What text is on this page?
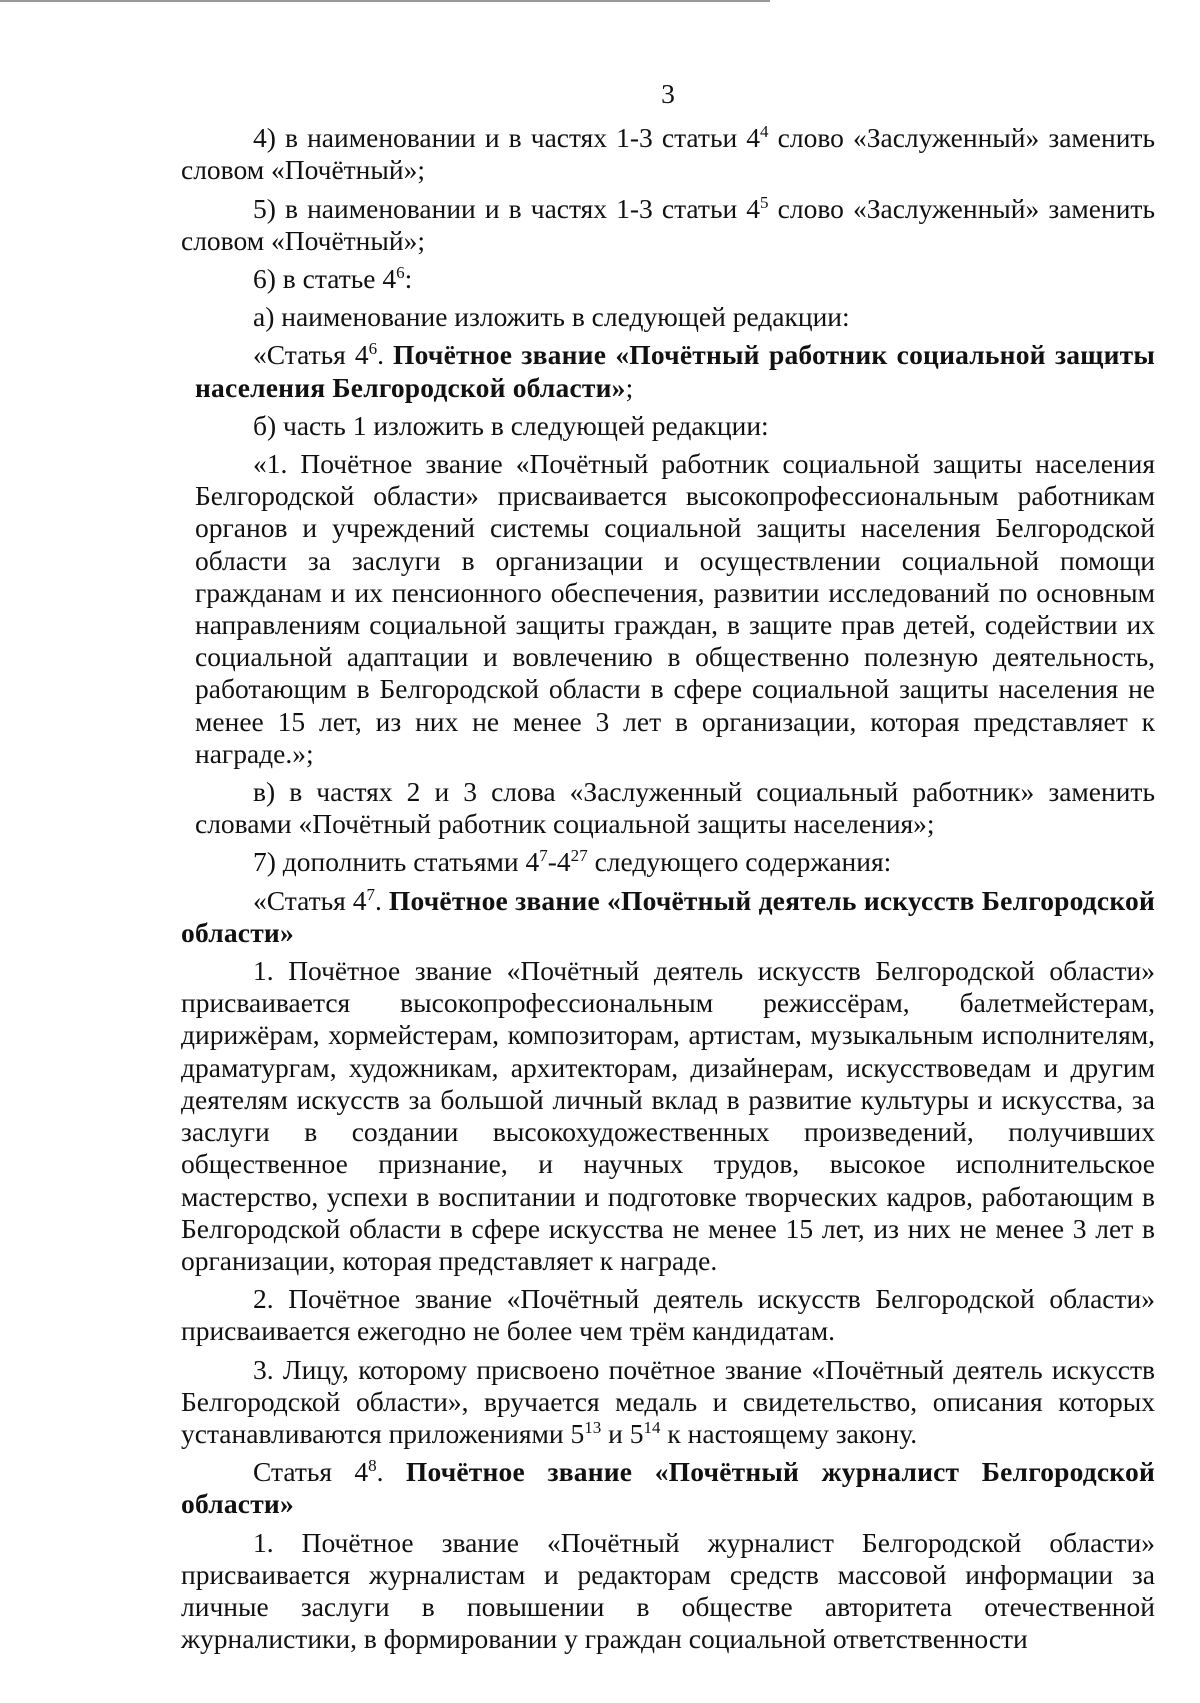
3

4) в наименовании и в частях 1-3 статьи $4^4$ слово «Заслуженный» заменить словом «Почётный»;

5) в наименовании и в частях 1-3 статьи $4^5$ слово «Заслуженный» заменить словом «Почётный»;

6) в статье $4^6$:

а) наименование изложить в следующей редакции:

«Статья $4^6$. Почётное звание «Почётный работник социальной защиты населения Белгородской области»;

б) часть 1 изложить в следующей редакции:

«1. Почётное звание «Почётный работник социальной защиты населения Белгородской области» присваивается высокопрофессиональным работникам органов и учреждений системы социальной защиты населения Белгородской области за заслуги в организации и осуществлении социальной помощи гражданам и их пенсионного обеспечения, развитии исследований по основным направлениям социальной защиты граждан, в защите прав детей, содействии их социальной адаптации и вовлечению в общественно полезную деятельность, работающим в Белгородской области в сфере социальной защиты населения не менее 15 лет, из них не менее 3 лет в организации, которая представляет к награде.»;

в) в частях 2 и 3 слова «Заслуженный социальный работник» заменить словами «Почётный работник социальной защиты населения»;

7) дополнить статьями $4^7-4^{27}$ следующего содержания:

«Статья $4^7$. Почётное звание «Почётный деятель искусств Белгородской области»

1. Почётное звание «Почётный деятель искусств Белгородской области» присваивается высокопрофессиональным режиссёрам, балетмейстерам, дирижёрам, хормейстерам, композиторам, артистам, музыкальным исполнителям, драматургам, художникам, архитекторам, дизайнерам, искусствоведам и другим деятелям искусств за большой личный вклад в развитие культуры и искусства, за заслуги в создании высокохудожественных произведений, получивших общественное признание, и научных трудов, высокое исполнительское мастерство, успехи в воспитании и подготовке творческих кадров, работающим в Белгородской области в сфере искусства не менее 15 лет, из них не менее 3 лет в организации, которая представляет к награде.

2. Почётное звание «Почётный деятель искусств Белгородской области» присваивается ежегодно не более чем трём кандидатам.

3. Лицу, которому присвоено почётное звание «Почётный деятель искусств Белгородской области», вручается медаль и свидетельство, описания которых устанавливаются приложениями $5^{13}$ и $5^{14}$ к настоящему закону.

Статья $4^8$. Почётное звание «Почётный журналист Белгородской области»

1. Почётное звание «Почётный журналист Белгородской области» присваивается журналистам и редакторам средств массовой информации за личные заслуги в повышении в обществе авторитета отечественной журналистики, в формировании у граждан социальной ответственности
